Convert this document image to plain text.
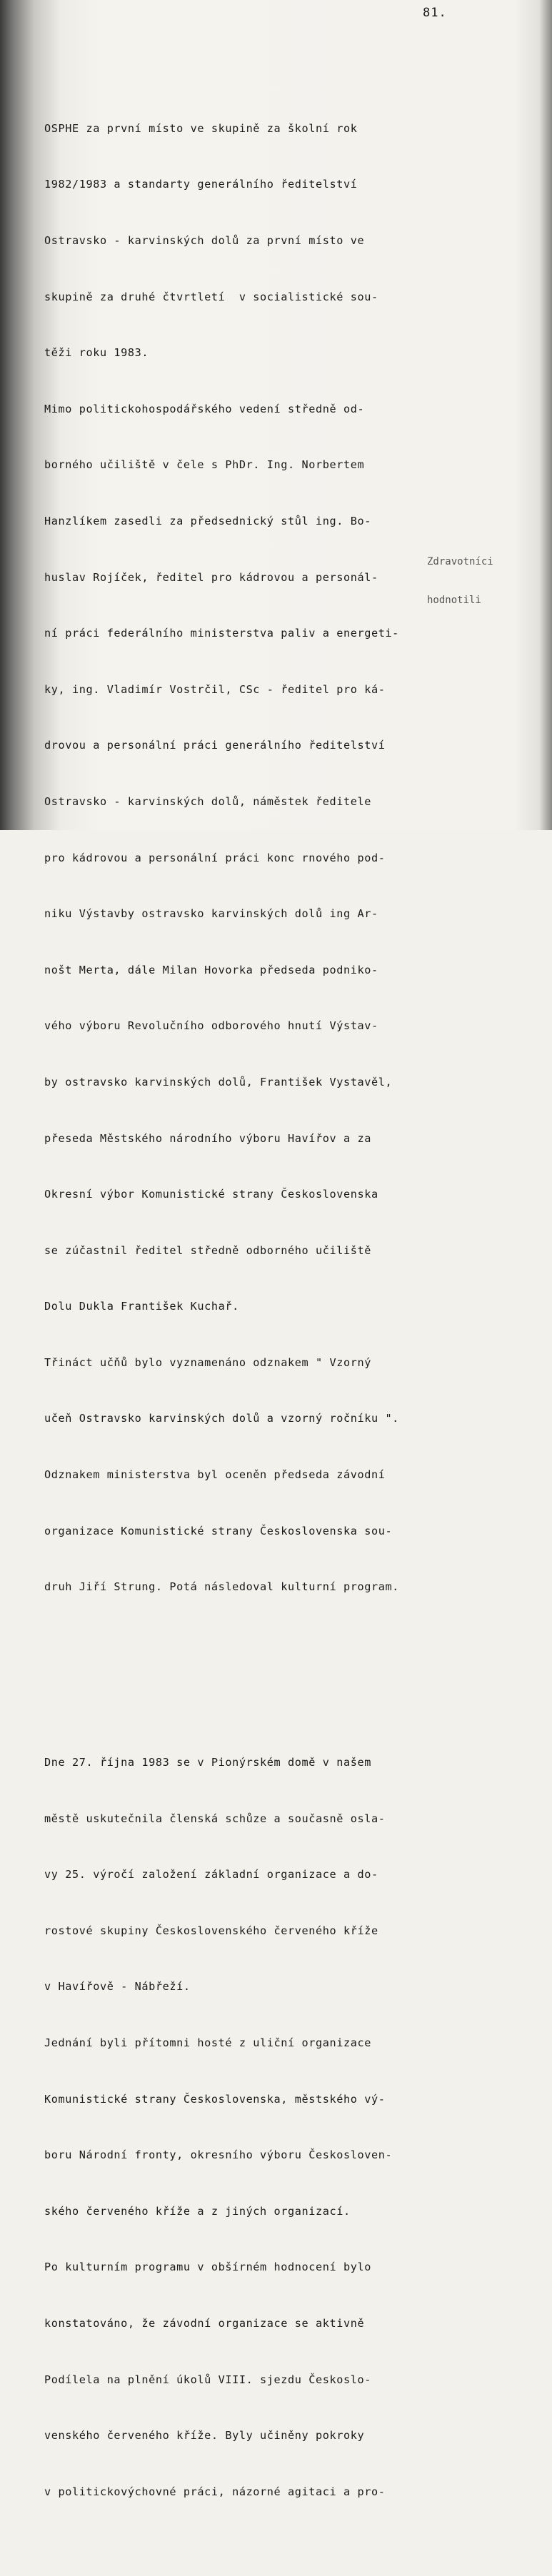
81.

OSPHE za první místo ve skupině za školní rok

1982/1983 a standarty generálního ředitelství

Ostravsko - karvinských dolů za první místo ve

skupině za druhé čtvrtletí  v socialistické sou-

těži roku 1983.

Mimo politickohospodářského vedení středně od-

borného učiliště v čele s PhDr. Ing. Norbertem

Hanzlíkem zasedli za předsednický stůl ing. Bo-

huslav Rojíček, ředitel pro kádrovou a personál-

ní práci federálního ministerstva paliv a energeti-

ky, ing. Vladimír Vostrčil, CSc - ředitel pro ká-

drovou a personální práci generálního ředitelství

Ostravsko - karvinských dolů, náměstek ředitele

pro kádrovou a personální práci konc rnového pod-

niku Výstavby ostravsko karvinských dolů ing Ar-

nošt Merta, dále Milan Hovorka předseda podniko-

vého výboru Revolučního odborového hnutí Výstav-

by ostravsko karvinských dolů, František Vystavěl,

přeseda Městského národního výboru Havířov a za

Okresní výbor Komunistické strany Československa

se zúčastnil ředitel středně odborného učiliště

Dolu Dukla František Kuchař.

Třináct učňů bylo vyznamenáno odznakem " Vzorný

učeň Ostravsko karvinských dolů a vzorný ročníku ".

Odznakem ministerstva byl oceněn předseda závodní

organizace Komunistické strany Československa sou-

druh Jiří Strung. Potá následoval kulturní program.

Dne 27. října 1983 se v Pionýrském domě v našem

městě uskutečnila členská schůze a současně osla-

vy 25. výročí založení základní organizace a do-

rostové skupiny Československého červeného kříže

v Havířově - Nábřeží.

Jednání byli přítomni hosté z uliční organizace

Komunistické strany Československa, městského vý-

boru Národní fronty, okresního výboru Českosloven-

ského červeného kříže a z jiných organizací.

Po kulturním programu v obšírném hodnocení bylo

konstatováno, že závodní organizace se aktivně

Podílela na plnění úkolů VIII. sjezdu Českoslo-

venského červeného kříže. Byly učiněny pokroky

v politickovýchovné práci, názorné agitaci a pro-

Zdravotníci

hodnotili
